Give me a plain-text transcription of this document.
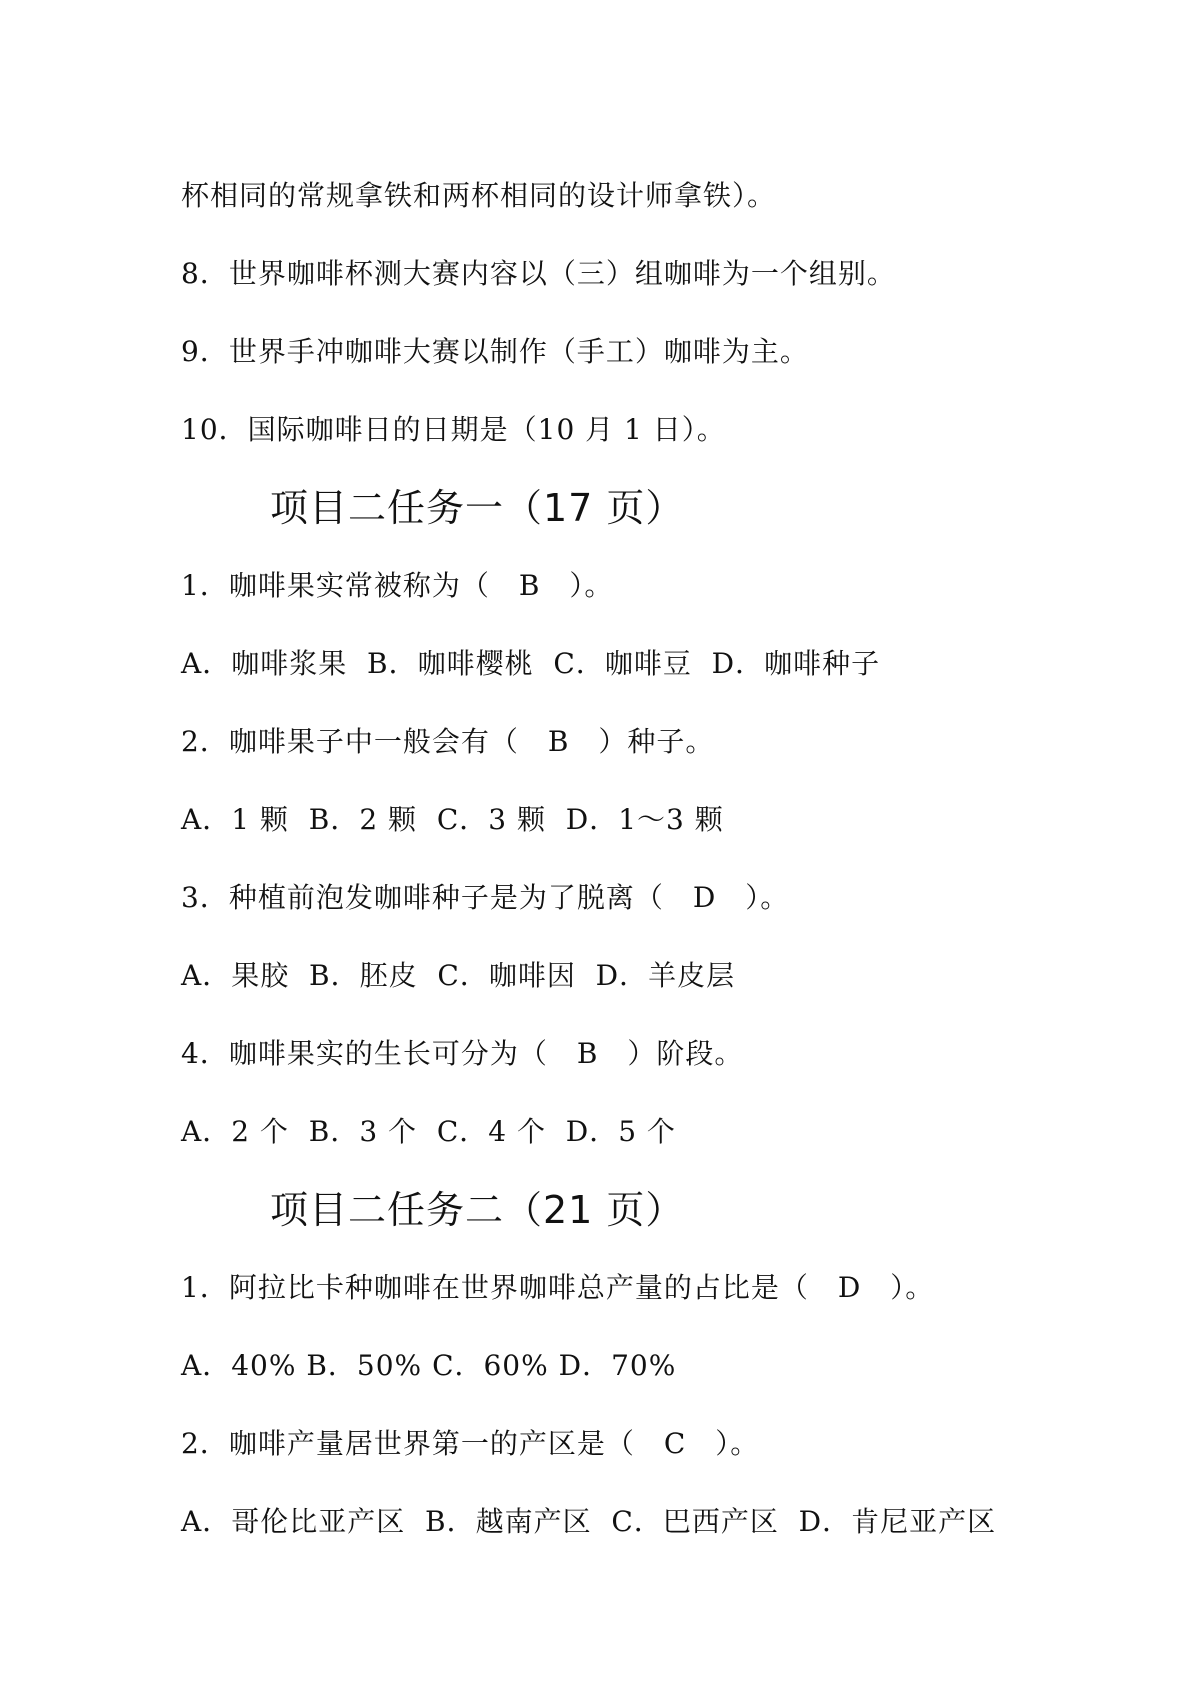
杯相同的常规拿铁和两杯相同的设计师拿铁）。
8．世界咖啡杯测大赛内容以（三）组咖啡为一个组别。
9．世界手冲咖啡大赛以制作（手工）咖啡为主。
10．国际咖啡日的日期是（10 月 1 日）。
项目二任务一（17 页）
1．咖啡果实常被称为（　B　）。
A．咖啡浆果  B．咖啡樱桃  C．咖啡豆  D．咖啡种子
2．咖啡果子中一般会有（　B　）种子。
A．1 颗  B．2 颗  C．3 颗  D．1～3 颗
3．种植前泡发咖啡种子是为了脱离（　D　）。
A．果胶  B．胚皮  C．咖啡因  D．羊皮层
4．咖啡果实的生长可分为（　B　）阶段。
A．2 个  B．3 个  C．4 个  D．5 个
项目二任务二（21 页）
1．阿拉比卡种咖啡在世界咖啡总产量的占比是（　D　）。
A．40% B．50% C．60% D．70%
2．咖啡产量居世界第一的产区是（　C　）。
A．哥伦比亚产区  B．越南产区  C．巴西产区  D．肯尼亚产区
